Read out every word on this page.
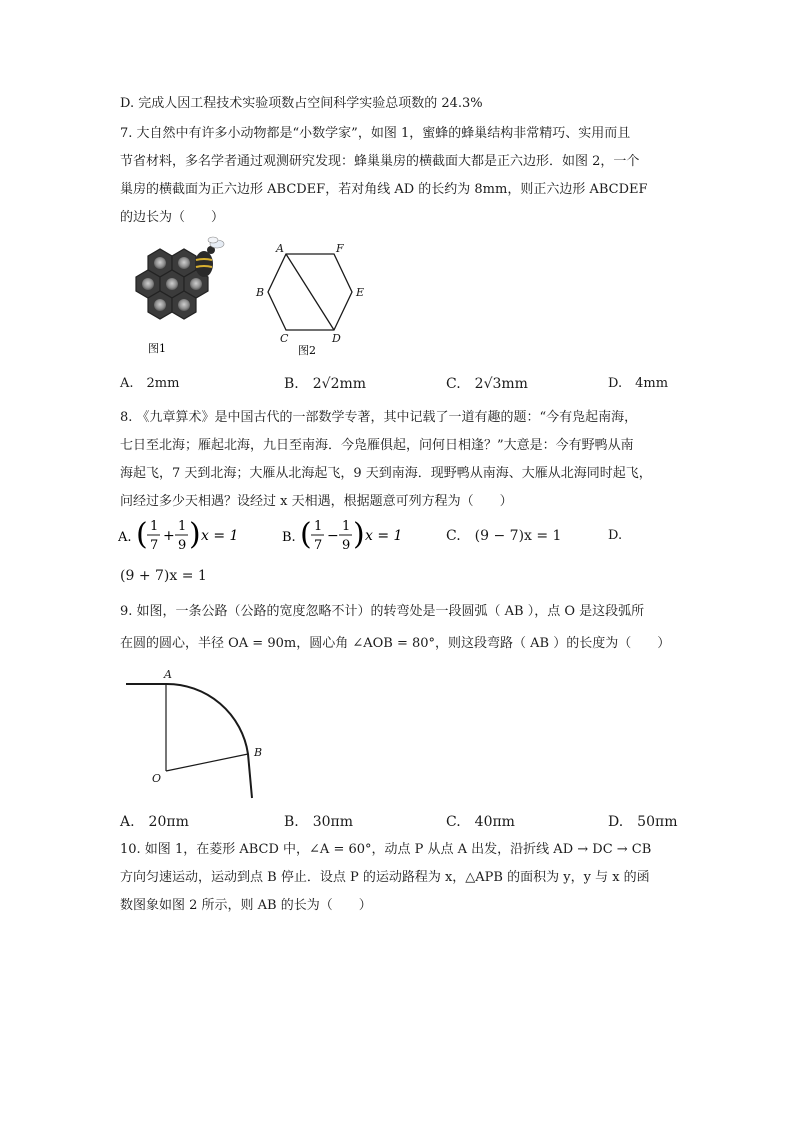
D. 完成人因工程技术实验项数占空间科学实验总项数的 24.3%
7. 大自然中有许多小动物都是“小数学家”，如图 1，蜜蜂的蜂巢结构非常精巧、实用而且
节省材料，多名学者通过观测研究发现：蜂巢巢房的横截面大都是正六边形．如图 2，一个
巢房的横截面为正六边形 ABCDEF，若对角线 AD 的长约为 8mm，则正六边形 ABCDEF
的边长为（　　）
图1
A	F
B	E
C	D
图2
A.　2mm	B.　2√2mm	C.　2√3mm	D.　4mm
8. 《九章算术》是中国古代的一部数学专著，其中记载了一道有趣的题：“今有凫起南海，
七日至北海；雁起北海，九日至南海．今凫雁俱起，问何日相逢？”大意是：今有野鸭从南
海起飞，7 天到北海；大雁从北海起飞，9 天到南海．现野鸭从南海、大雁从北海同时起飞，
问经过多少天相遇？设经过 x 天相遇，根据题意可列方程为（　　）
A. ( 1
7
+
1
9 ) x = 1	B. ( 1
7
−
1
9 ) x = 1	C.　(9 − 7)x = 1	D.
(9 + 7)x = 1
9. 如图，一条公路（公路的宽度忽略不计）的转弯处是一段圆弧（ AB ），点 O 是这段弧所
在圆的圆心，半径 OA = 90m，圆心角 ∠AOB = 80°，则这段弯路（ AB ）的长度为（　　）
A
B
O
A.　20πm	B.　30πm	C.　40πm	D.　50πm
10. 如图 1，在菱形 ABCD 中，∠A = 60°，动点 P 从点 A 出发，沿折线 AD → DC → CB
方向匀速运动，运动到点 B 停止．设点 P 的运动路程为 x，△APB 的面积为 y，y 与 x 的函
数图象如图 2 所示，则 AB 的长为（　　）
